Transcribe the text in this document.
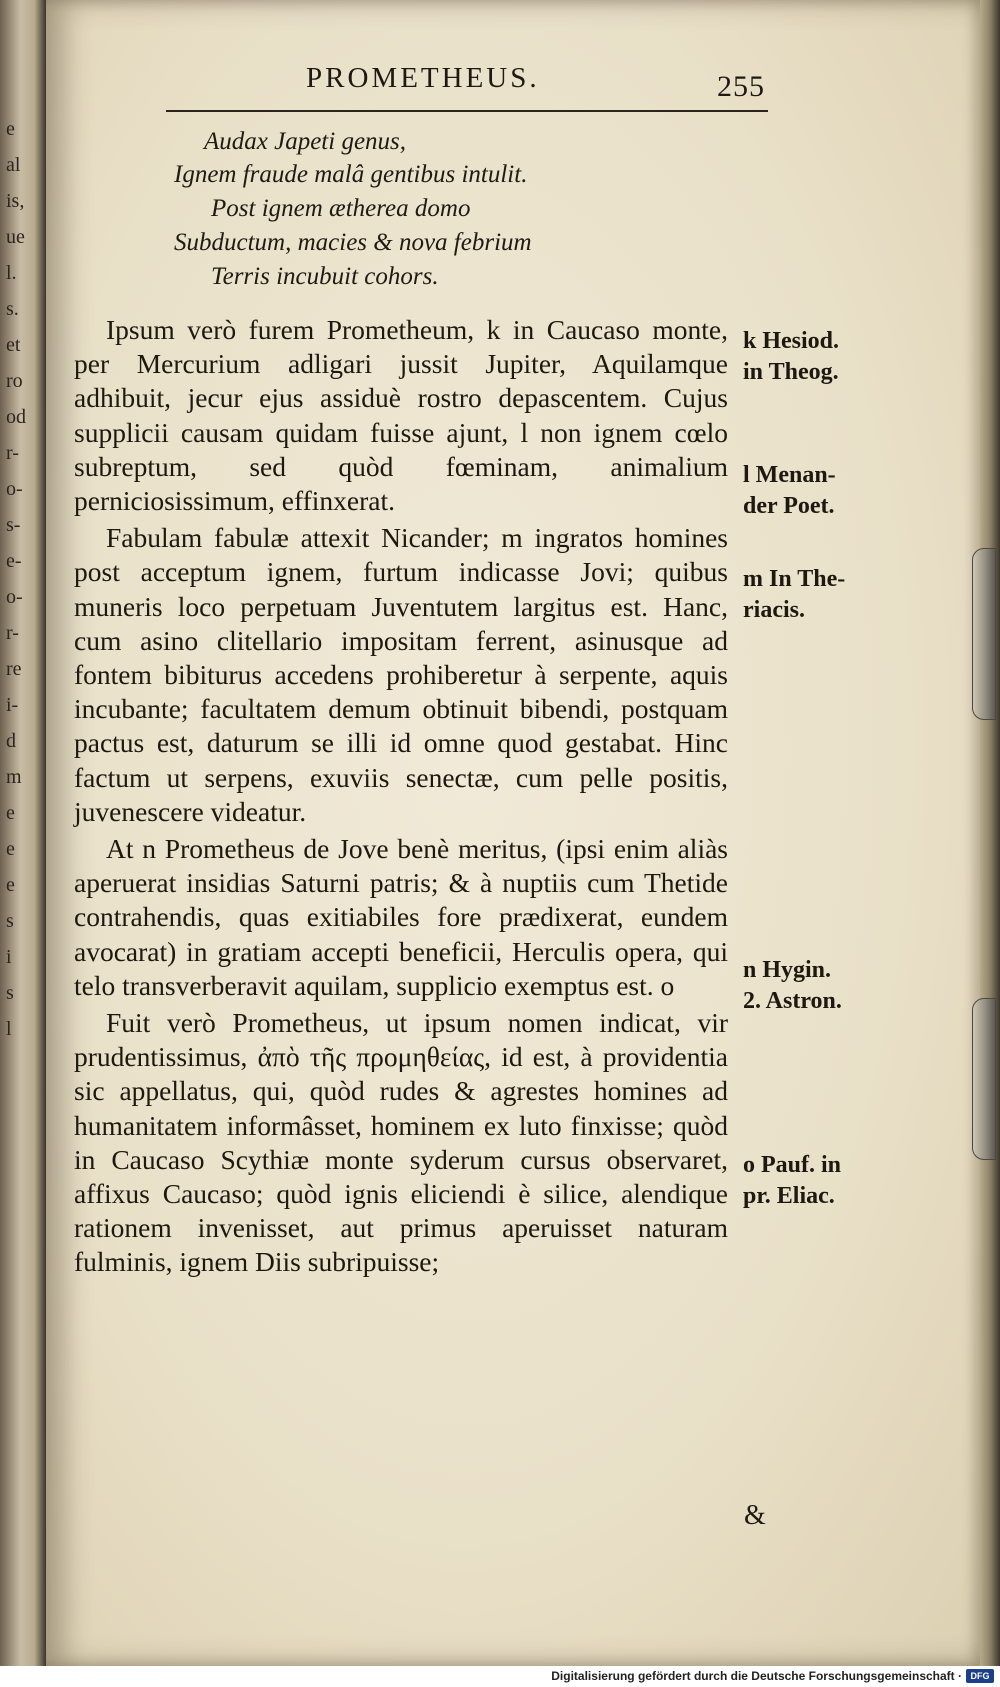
e
al
is,
ue
l.
s.
et
ro
od
r-
o-
s-
e-
o-
r-
re
i-
d
m
e
e
e
s
i
s
l
PROMETHEUS.	255
Audax Japeti genus,
Ignem fraude malâ gentibus intulit.
Post ignem ætherea domo
Subductum, macies & nova febrium
Terris incubuit cohors.

Ipsum verò furem Prometheum, k in Caucaso monte, per Mercurium adligari jussit Jupiter, Aquilamque adhibuit, jecur ejus assiduè rostro depascentem. Cujus supplicii causam quidam fuisse ajunt, l non ignem cœlo subreptum, sed quòd fœminam, animalium perniciosissimum, effinxerat.

Fabulam fabulæ attexit Nicander; m ingratos homines post acceptum ignem, furtum indicasse Jovi; quibus muneris loco perpetuam Juventutem largitus est. Hanc, cum asino clitellario impositam ferrent, asinusque ad fontem bibiturus accedens prohiberetur à serpente, aquis incubante; facultatem demum obtinuit bibendi, postquam pactus est, daturum se illi id omne quod gestabat. Hinc factum ut serpens, exuviis senectæ, cum pelle positis, juvenescere videatur.

At n Prometheus de Jove benè meritus, (ipsi enim aliàs aperuerat insidias Saturni patris; & à nuptiis cum Thetide contrahendis, quas exitiabiles fore prædixerat, eundem avocarat) in gratiam accepti beneficii, Herculis opera, qui telo transverberavit aquilam, supplicio exemptus est. o

Fuit verò Prometheus, ut ipsum nomen indicat, vir prudentissimus, ἀπὸ τῆς προμηθείας, id est, à providentia sic appellatus, qui, quòd rudes & agrestes homines ad humanitatem informâsset, hominem ex luto finxisse; quòd in Caucaso Scythiæ monte syderum cursus observaret, affixus Caucaso; quòd ignis eliciendi è silice, alendique rationem invenisset, aut primus aperuisset naturam fulminis, ignem Diis subripuisse;

k Hesiod.
in Theog.
l Menan-
der Poet.
m In The-
riacis.
n Hygin.
2. Astron.
o Pauf. in
pr. Eliac.
&
Digitalisierung gefördert durch die Deutsche Forschungsgemeinschaft · DFG
